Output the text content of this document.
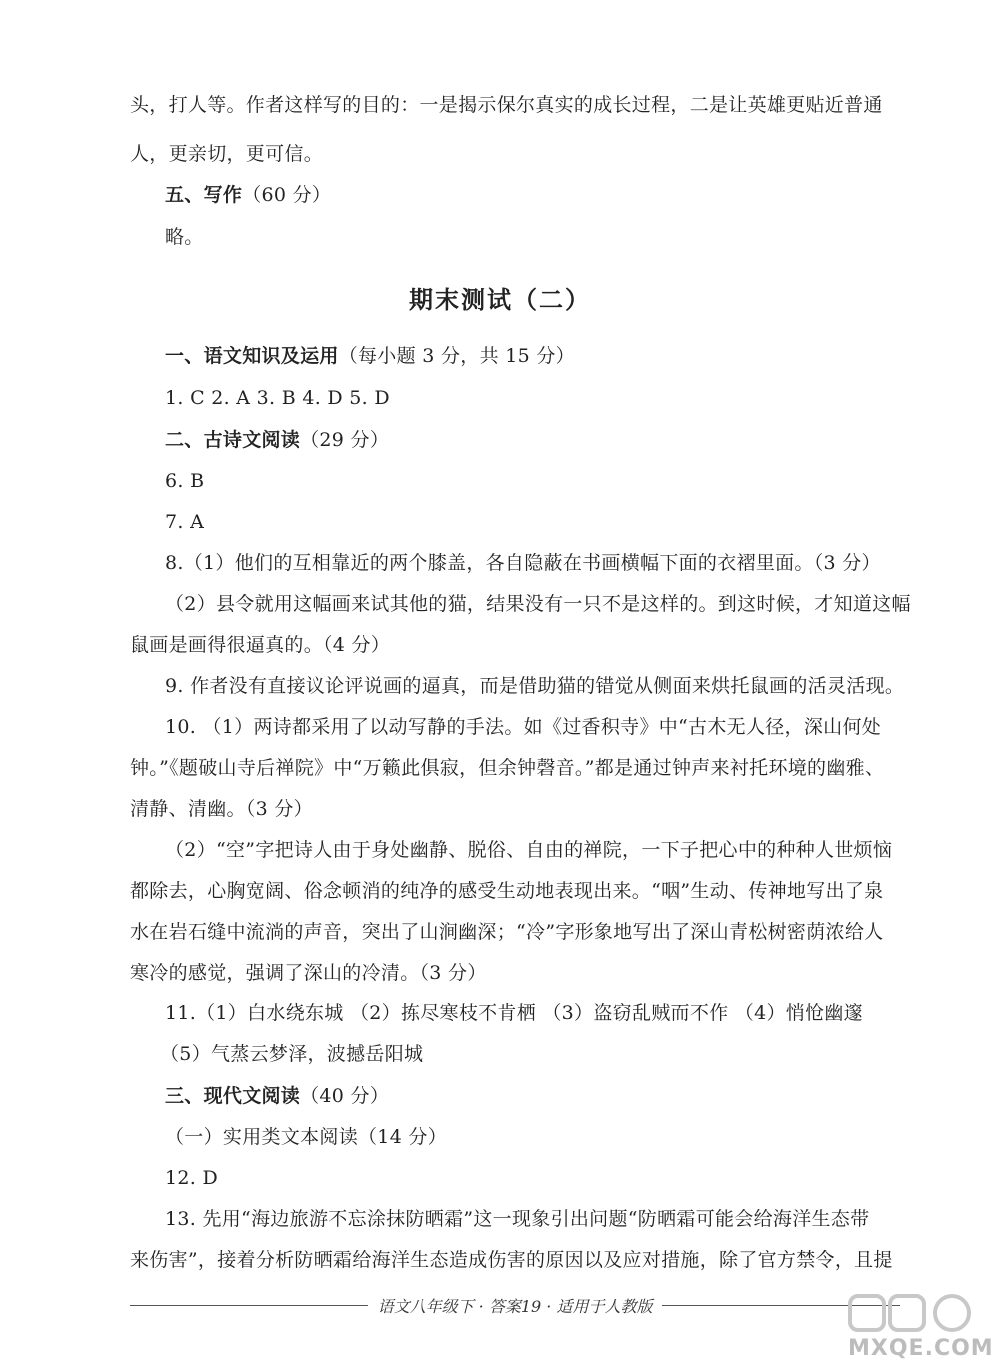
头，打人等。作者这样写的目的：一是揭示保尔真实的成长过程，二是让英雄更贴近普通
人，更亲切，更可信。
五、写作（60 分）
略。
期末测试（二）
一、语文知识及运用（每小题 3 分，共 15 分）
1. C 2. A 3. B 4. D 5. D
二、古诗文阅读（29 分）
6. B
7. A
8.（1）他们的互相靠近的两个膝盖，各自隐蔽在书画横幅下面的衣褶里面。（3 分）
（2）县令就用这幅画来试其他的猫，结果没有一只不是这样的。到这时候，才知道这幅
鼠画是画得很逼真的。（4 分）
9. 作者没有直接议论评说画的逼真，而是借助猫的错觉从侧面来烘托鼠画的活灵活现。
10. （1）两诗都采用了以动写静的手法。如《过香积寺》中“古木无人径，深山何处
钟。”《题破山寺后禅院》中“万籁此俱寂，但余钟磬音。”都是通过钟声来衬托环境的幽雅、
清静、清幽。（3 分）
（2）“空”字把诗人由于身处幽静、脱俗、自由的禅院，一下子把心中的种种人世烦恼
都除去，心胸宽阔、俗念顿消的纯净的感受生动地表现出来。“咽”生动、传神地写出了泉
水在岩石缝中流淌的声音，突出了山涧幽深；“冷”字形象地写出了深山青松树密荫浓给人
寒冷的感觉，强调了深山的冷清。（3 分）
11.（1）白水绕东城 （2）拣尽寒枝不肯栖 （3）盗窃乱贼而不作 （4）悄怆幽邃
（5）气蒸云梦泽，波撼岳阳城
三、现代文阅读（40 分）
（一）实用类文本阅读（14 分）
12. D
13. 先用“海边旅游不忘涂抹防晒霜”这一现象引出问题“防晒霜可能会给海洋生态带
来伤害”，接着分析防晒霜给海洋生态造成伤害的原因以及应对措施，除了官方禁令，且提
语文八年级下 · 答案19 · 适用于人教版
MXQE.COM
